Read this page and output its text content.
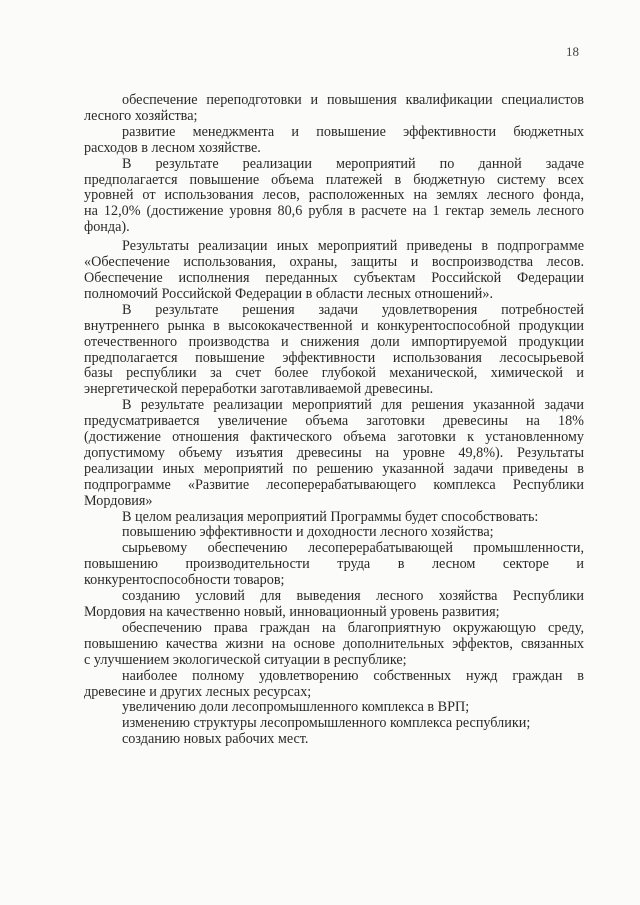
18
обеспечение переподготовки и повышения квалификации специалистов
лесного хозяйства;
развитие менеджмента и повышение эффективности бюджетных
расходов в лесном хозяйстве.
В результате реализации мероприятий по данной задаче
предполагается повышение объема платежей в бюджетную систему всех
уровней от использования лесов, расположенных на землях лесного фонда,
на 12,0% (достижение уровня 80,6 рубля в расчете на 1 гектар земель лесного
фонда).
Результаты реализации иных мероприятий приведены в подпрограмме
«Обеспечение использования, охраны, защиты и воспроизводства лесов.
Обеспечение исполнения переданных субъектам Российской Федерации
полномочий Российской Федерации в области лесных отношений».
В результате решения задачи удовлетворения потребностей
внутреннего рынка в высококачественной и конкурентоспособной продукции
отечественного производства и снижения доли импортируемой продукции
предполагается повышение эффективности использования лесосырьевой
базы республики за счет более глубокой механической, химической и
энергетической переработки заготавливаемой древесины.
В результате реализации мероприятий для решения указанной задачи
предусматривается увеличение объема заготовки древесины на 18%
(достижение отношения фактического объема заготовки к установленному
допустимому объему изъятия древесины на уровне 49,8%). Результаты
реализации иных мероприятий по решению указанной задачи приведены в
подпрограмме «Развитие лесоперерабатывающего комплекса Республики
Мордовия»
В целом реализация мероприятий Программы будет способствовать:
повышению эффективности и доходности лесного хозяйства;
сырьевому обеспечению лесоперерабатывающей промышленности,
повышению производительности труда в лесном секторе и
конкурентоспособности товаров;
созданию условий для выведения лесного хозяйства Республики
Мордовия на качественно новый, инновационный уровень развития;
обеспечению права граждан на благоприятную окружающую среду,
повышению качества жизни на основе дополнительных эффектов, связанных
с улучшением экологической ситуации в республике;
наиболее полному удовлетворению собственных нужд граждан в
древесине и других лесных ресурсах;
увеличению доли лесопромышленного комплекса в ВРП;
изменению структуры лесопромышленного комплекса республики;
созданию новых рабочих мест.
